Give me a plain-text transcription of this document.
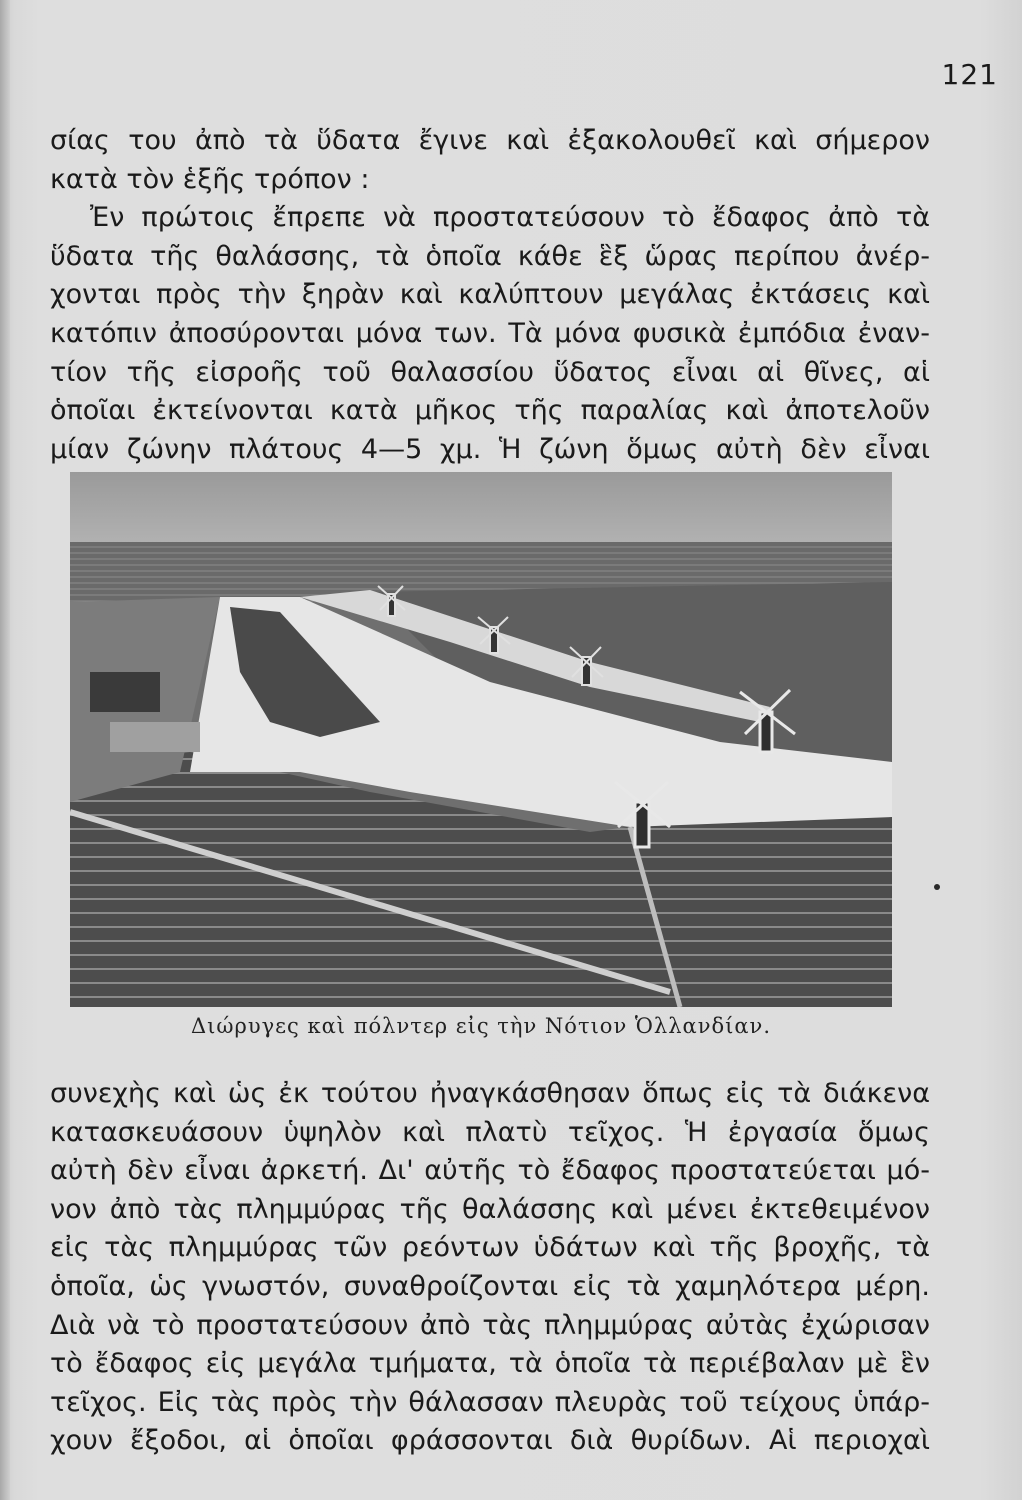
121
σίας του ἀπὸ τὰ ὕδατα ἔγινε καὶ ἐξακολουθεῖ καὶ σήμερον
κατὰ τὸν ἑξῆς τρόπον :
Ἐν πρώτοις ἔπρεπε νὰ προστατεύσουν τὸ ἔδαφος ἀπὸ τὰ
ὕδατα τῆς θαλάσσης, τὰ ὁποῖα κάθε ἓξ ὥρας περίπου ἀνέρ-
χονται πρὸς τὴν ξηρὰν καὶ καλύπτουν μεγάλας ἐκτάσεις καὶ
κατόπιν ἀποσύρονται μόνα των. Τὰ μόνα φυσικὰ ἐμπόδια ἐναν-
τίον τῆς εἰσροῆς τοῦ θαλασσίου ὕδατος εἶναι αἱ θῖνες, αἱ
ὁποῖαι ἐκτείνονται κατὰ μῆκος τῆς παραλίας καὶ ἀποτελοῦν
μίαν ζώνην πλάτους 4—5 χμ. Ἡ ζώνη ὅμως αὐτὴ δὲν εἶναι
Διώρυγες καὶ πόλντερ εἰς τὴν Νότιον Ὁλλανδίαν.
συνεχὴς καὶ ὡς ἐκ τούτου ἠναγκάσθησαν ὅπως εἰς τὰ διάκενα
κατασκευάσουν ὑψηλὸν καὶ πλατὺ τεῖχος. Ἡ ἐργασία ὅμως
αὐτὴ δὲν εἶναι ἀρκετή. Δι' αὐτῆς τὸ ἔδαφος προστατεύεται μό-
νον ἀπὸ τὰς πλημμύρας τῆς θαλάσσης καὶ μένει ἐκτεθειμένον
εἰς τὰς πλημμύρας τῶν ρεόντων ὑδάτων καὶ τῆς βροχῆς, τὰ
ὁποῖα, ὡς γνωστόν, συναθροίζονται εἰς τὰ χαμηλότερα μέρη.
Διὰ νὰ τὸ προστατεύσουν ἀπὸ τὰς πλημμύρας αὐτὰς ἐχώρισαν
τὸ ἔδαφος εἰς μεγάλα τμήματα, τὰ ὁποῖα τὰ περιέβαλαν μὲ ἓν
τεῖχος. Εἰς τὰς πρὸς τὴν θάλασσαν πλευρὰς τοῦ τείχους ὑπάρ-
χουν ἔξοδοι, αἱ ὁποῖαι φράσσονται διὰ θυρίδων. Αἱ περιοχαὶ
